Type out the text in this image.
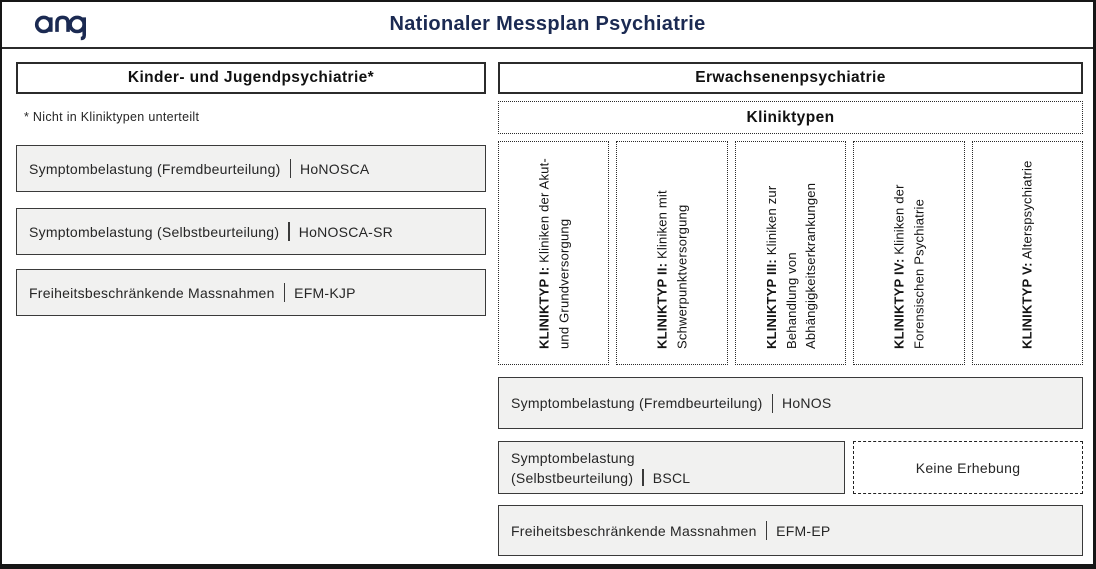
Nationaler Messplan Psychiatrie
Kinder- und Jugendpsychiatrie*
* Nicht in Kliniktypen unterteilt
Symptombelastung (Fremdbeurteilung) HoNOSCA
Symptombelastung (Selbstbeurteilung) HoNOSCA-SR
Freiheitsbeschränkende Massnahmen EFM-KJP
Erwachsenenpsychiatrie
Kliniktypen
KLINIKTYP I: Kliniken der Akut- und Grundversorgung	KLINIKTYP II: Kliniken mit Schwerpunktversorgung	KLINIKTYP III: Kliniken zur Behandlung von Abhängigkeitserkrankungen	KLINIKTYP IV: Kliniken der Forensischen Psychiatrie	KLINIKTYP V: Alterspsychiatrie
Symptombelastung (Fremdbeurteilung) HoNOS
Symptombelastung
(Selbstbeurteilung) BSCL
Keine Erhebung
Freiheitsbeschränkende Massnahmen EFM-EP
